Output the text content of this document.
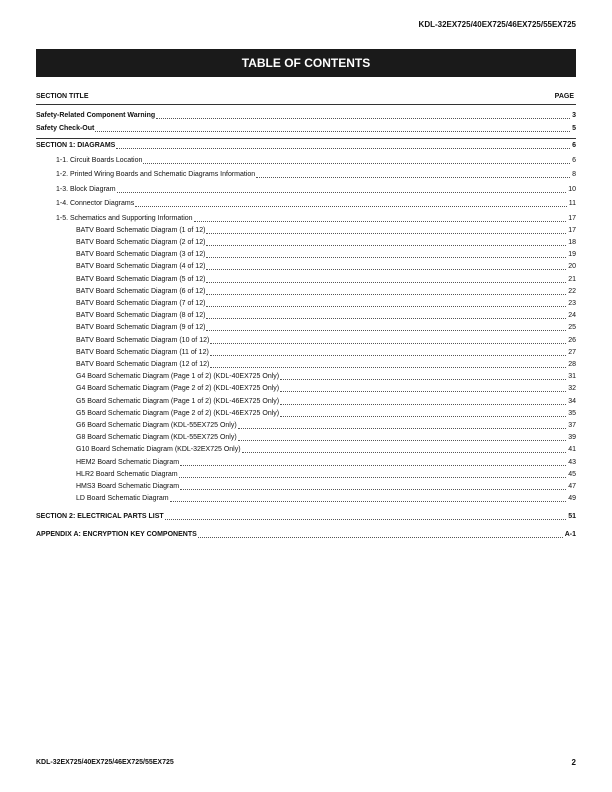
KDL-32EX725/40EX725/46EX725/55EX725
TABLE OF CONTENTS
SECTION TITLE	PAGE
Safety-Related Component Warning	3
Safety Check-Out	5
SECTION 1: DIAGRAMS	6
1-1. Circuit Boards Location	6
1-2. Printed Wiring Boards and Schematic Diagrams Information	8
1-3. Block Diagram	10
1-4. Connector Diagrams	11
1-5. Schematics and Supporting Information	17
BATV Board Schematic Diagram (1 of 12)	17
BATV Board Schematic Diagram (2 of 12)	18
BATV Board Schematic Diagram (3 of 12)	19
BATV Board Schematic Diagram (4 of 12)	20
BATV Board Schematic Diagram (5 of 12)	21
BATV Board Schematic Diagram (6 of 12)	22
BATV Board Schematic Diagram (7 of 12)	23
BATV Board Schematic Diagram (8 of 12)	24
BATV Board Schematic Diagram (9 of 12)	25
BATV Board Schematic Diagram (10 of 12)	26
BATV Board Schematic Diagram (11 of 12)	27
BATV Board Schematic Diagram (12 of 12)	28
G4 Board Schematic Diagram (Page 1 of 2) (KDL-40EX725 Only)	31
G4 Board Schematic Diagram (Page 2 of 2) (KDL-40EX725 Only)	32
G5 Board Schematic Diagram (Page 1 of 2) (KDL-46EX725 Only)	34
G5 Board Schematic Diagram (Page 2 of 2) (KDL-46EX725 Only)	35
G6 Board Schematic Diagram (KDL-55EX725 Only)	37
G8 Board Schematic Diagram (KDL-55EX725 Only)	39
G10 Board Schematic Diagram (KDL-32EX725 Only)	41
HEM2 Board Schematic Diagram	43
HLR2 Board Schematic Diagram	45
HMS3 Board Schematic Diagram	47
LD Board Schematic Diagram	49
SECTION 2: ELECTRICAL PARTS LIST	51
APPENDIX A: ENCRYPTION KEY COMPONENTS	A-1
KDL-32EX725/40EX725/46EX725/55EX725	2
